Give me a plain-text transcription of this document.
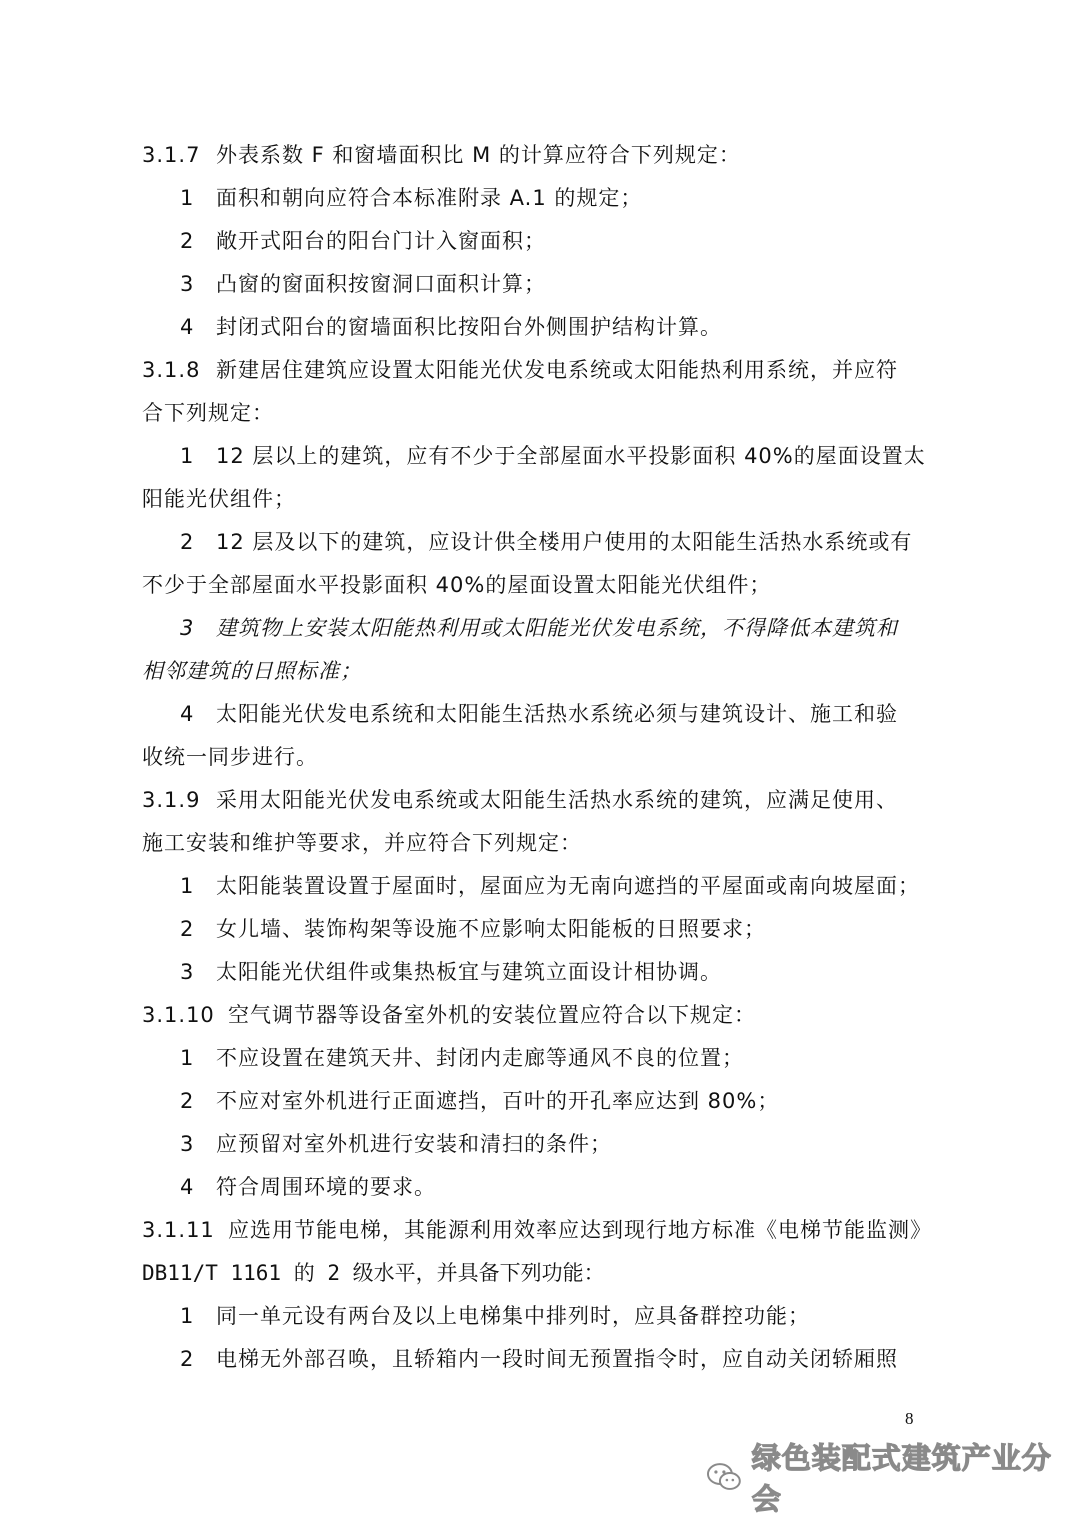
3.1.7 外表系数 F 和窗墙面积比 M 的计算应符合下列规定：
1 面积和朝向应符合本标准附录 A.1 的规定；
2 敞开式阳台的阳台门计入窗面积；
3 凸窗的窗面积按窗洞口面积计算；
4 封闭式阳台的窗墙面积比按阳台外侧围护结构计算。
3.1.8 新建居住建筑应设置太阳能光伏发电系统或太阳能热利用系统，并应符
合下列规定：
1 12 层以上的建筑，应有不少于全部屋面水平投影面积 40%的屋面设置太
阳能光伏组件；
2 12 层及以下的建筑，应设计供全楼用户使用的太阳能生活热水系统或有
不少于全部屋面水平投影面积 40%的屋面设置太阳能光伏组件；
3 建筑物上安装太阳能热利用或太阳能光伏发电系统，不得降低本建筑和
相邻建筑的日照标准；
4 太阳能光伏发电系统和太阳能生活热水系统必须与建筑设计、施工和验
收统一同步进行。
3.1.9 采用太阳能光伏发电系统或太阳能生活热水系统的建筑，应满足使用、
施工安装和维护等要求，并应符合下列规定：
1 太阳能装置设置于屋面时，屋面应为无南向遮挡的平屋面或南向坡屋面；
2 女儿墙、装饰构架等设施不应影响太阳能板的日照要求；
3 太阳能光伏组件或集热板宜与建筑立面设计相协调。
3.1.10 空气调节器等设备室外机的安装位置应符合以下规定：
1 不应设置在建筑天井、封闭内走廊等通风不良的位置；
2 不应对室外机进行正面遮挡，百叶的开孔率应达到 80%；
3 应预留对室外机进行安装和清扫的条件；
4 符合周围环境的要求。
3.1.11 应选用节能电梯，其能源利用效率应达到现行地方标准《电梯节能监测》
DB11/T 1161 的 2 级水平，并具备下列功能：
1 同一单元设有两台及以上电梯集中排列时，应具备群控功能；
2 电梯无外部召唤，且轿箱内一段时间无预置指令时，应自动关闭轿厢照
8
绿色装配式建筑产业分会
